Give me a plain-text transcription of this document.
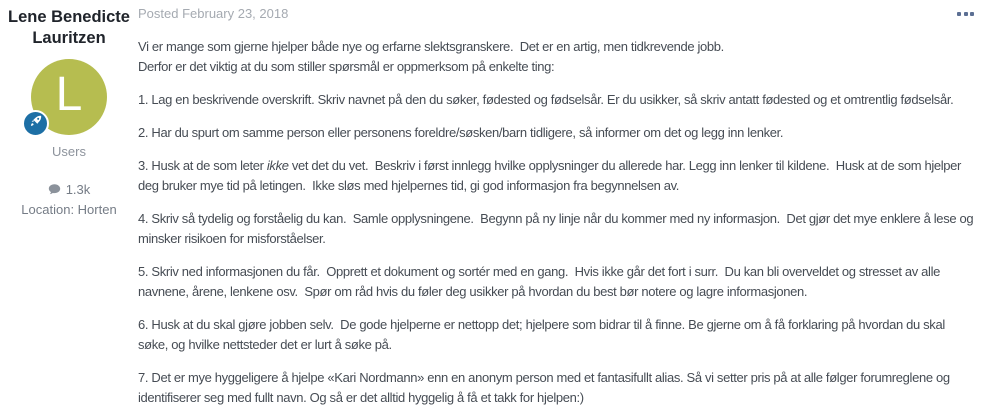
Lene Benedicte Lauritzen
L
Users
1.3k
Location: Horten
Posted February 23, 2018

Vi er mange som gjerne hjelper både nye og erfarne slektsgranskere.  Det er en artig, men tidkrevende jobb.
Derfor er det viktig at du som stiller spørsmål er oppmerksom på enkelte ting:

1. Lag en beskrivende overskrift. Skriv navnet på den du søker, fødested og fødselsår. Er du usikker, så skriv antatt fødested og et omtrentlig fødselsår.

2. Har du spurt om samme person eller personens foreldre/søsken/barn tidligere, så informer om det og legg inn lenker.

3. Husk at de som leter ikke vet det du vet.  Beskriv i først innlegg hvilke opplysninger du allerede har. Legg inn lenker til kildene.  Husk at de som hjelper deg bruker mye tid på letingen.  Ikke sløs med hjelpernes tid, gi god informasjon fra begynnelsen av.

4. Skriv så tydelig og forståelig du kan.  Samle opplysningene.  Begynn på ny linje når du kommer med ny informasjon.  Det gjør det mye enklere å lese og minsker risikoen for misforståelser.

5. Skriv ned informasjonen du får.  Opprett et dokument og sortér med en gang.  Hvis ikke går det fort i surr.  Du kan bli overveldet og stresset av alle navnene, årene, lenkene osv.  Spør om råd hvis du føler deg usikker på hvordan du best bør notere og lagre informasjonen.

6. Husk at du skal gjøre jobben selv.  De gode hjelperne er nettopp det; hjelpere som bidrar til å finne. Be gjerne om å få forklaring på hvordan du skal søke, og hvilke nettsteder det er lurt å søke på.

7. Det er mye hyggeligere å hjelpe «Kari Nordmann» enn en anonym person med et fantasifullt alias. Så vi setter pris på at alle følger forumreglene og identifiserer seg med fullt navn. Og så er det alltid hyggelig å få et takk for hjelpen:)
